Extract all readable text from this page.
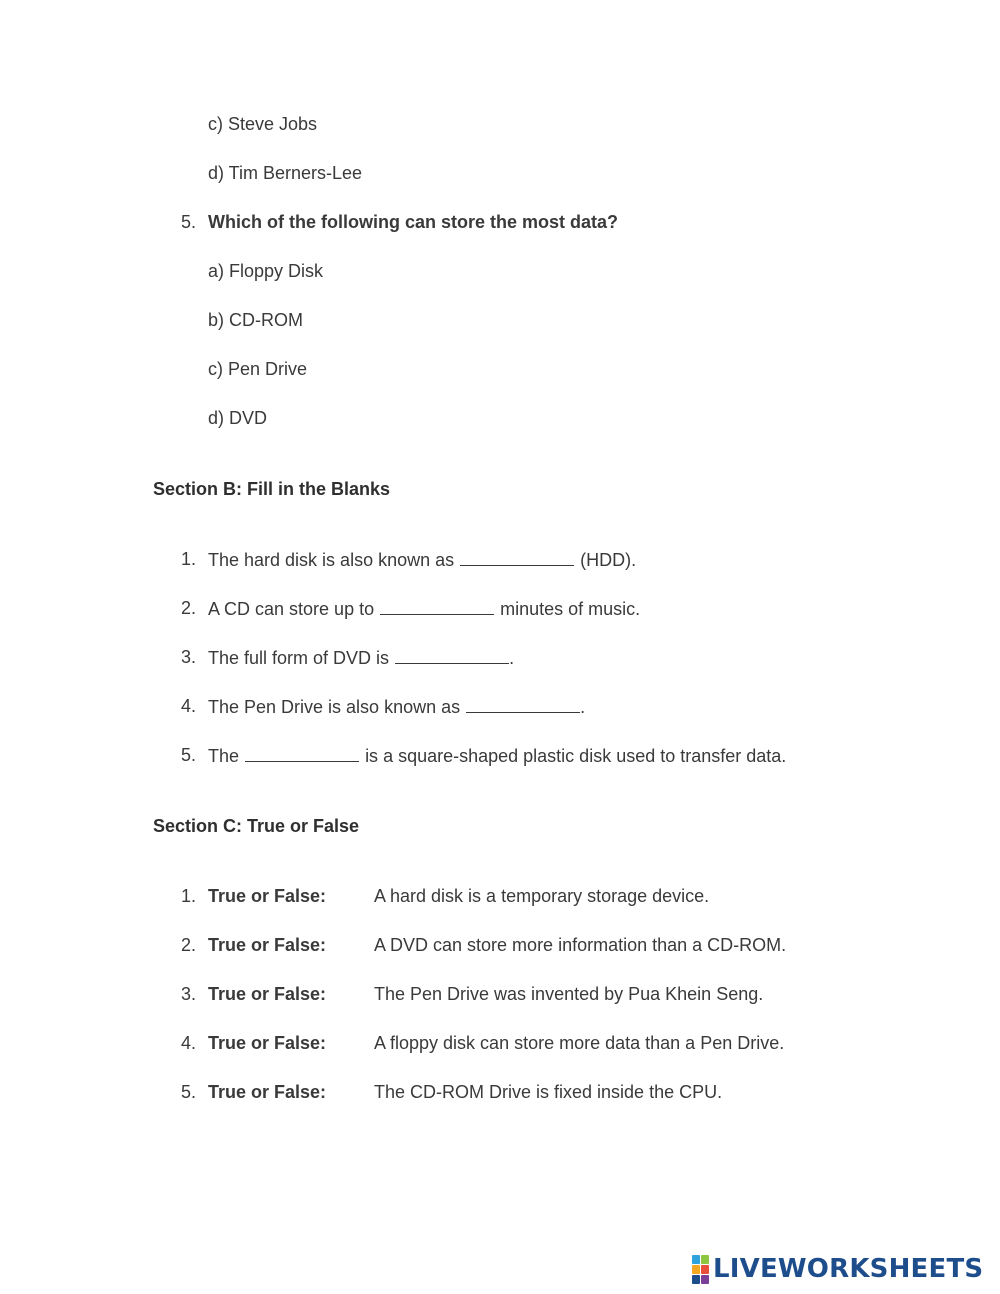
c) Steve Jobs
d) Tim Berners-Lee
5. Which of the following can store the most data?
a) Floppy Disk
b) CD-ROM
c) Pen Drive
d) DVD
Section B: Fill in the Blanks
1. The hard disk is also known as	(HDD).
2. A CD can store up to	minutes of music.
3. The full form of DVD is	.
4. The Pen Drive is also known as	.
5. The	is a square-shaped plastic disk used to transfer data.
Section C: True or False
1. True or False:	A hard disk is a temporary storage device.
2. True or False:	A DVD can store more information than a CD-ROM.
3. True or False:	The Pen Drive was invented by Pua Khein Seng.
4. True or False:	A floppy disk can store more data than a Pen Drive.
5. True or False:	The CD-ROM Drive is fixed inside the CPU.
LIVEWORKSHEETS
